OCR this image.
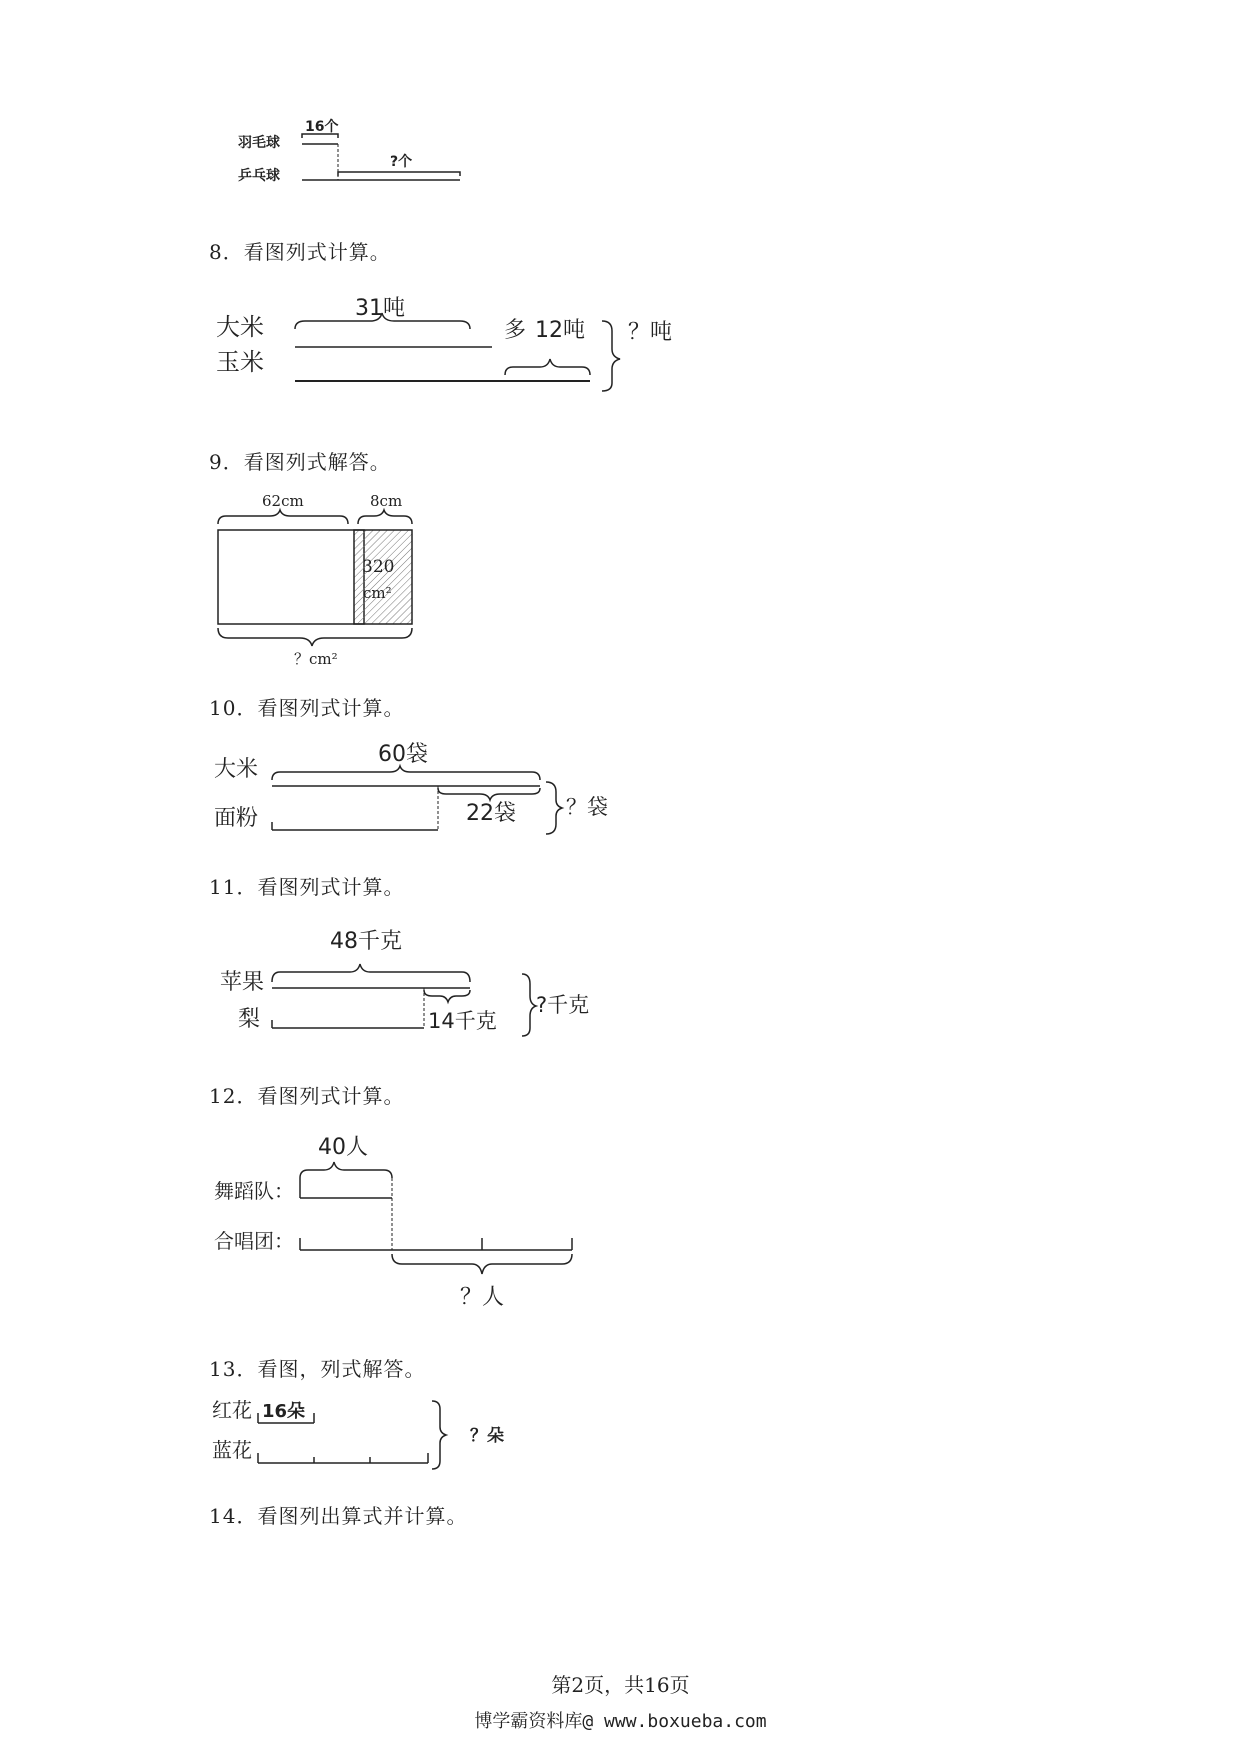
羽毛球
乒乓球
16个
?个
8．看图列式计算。
大米
玉米
31吨
多 12吨 ？吨
9．看图列式解答。
62cm	8cm
320
cm²
？cm²
10．看图列式计算。
大米
面粉
60袋
22袋 ？袋
11．看图列式计算。
苹果
梨
48千克
14千克
?千克
12．看图列式计算。
舞蹈队：
合唱团：
40人
？人
13．看图，列式解答。
红花
蓝花
16朵
？朵
14．看图列出算式并计算。
第2页，共16页
博学霸资料库@ www.boxueba.com
